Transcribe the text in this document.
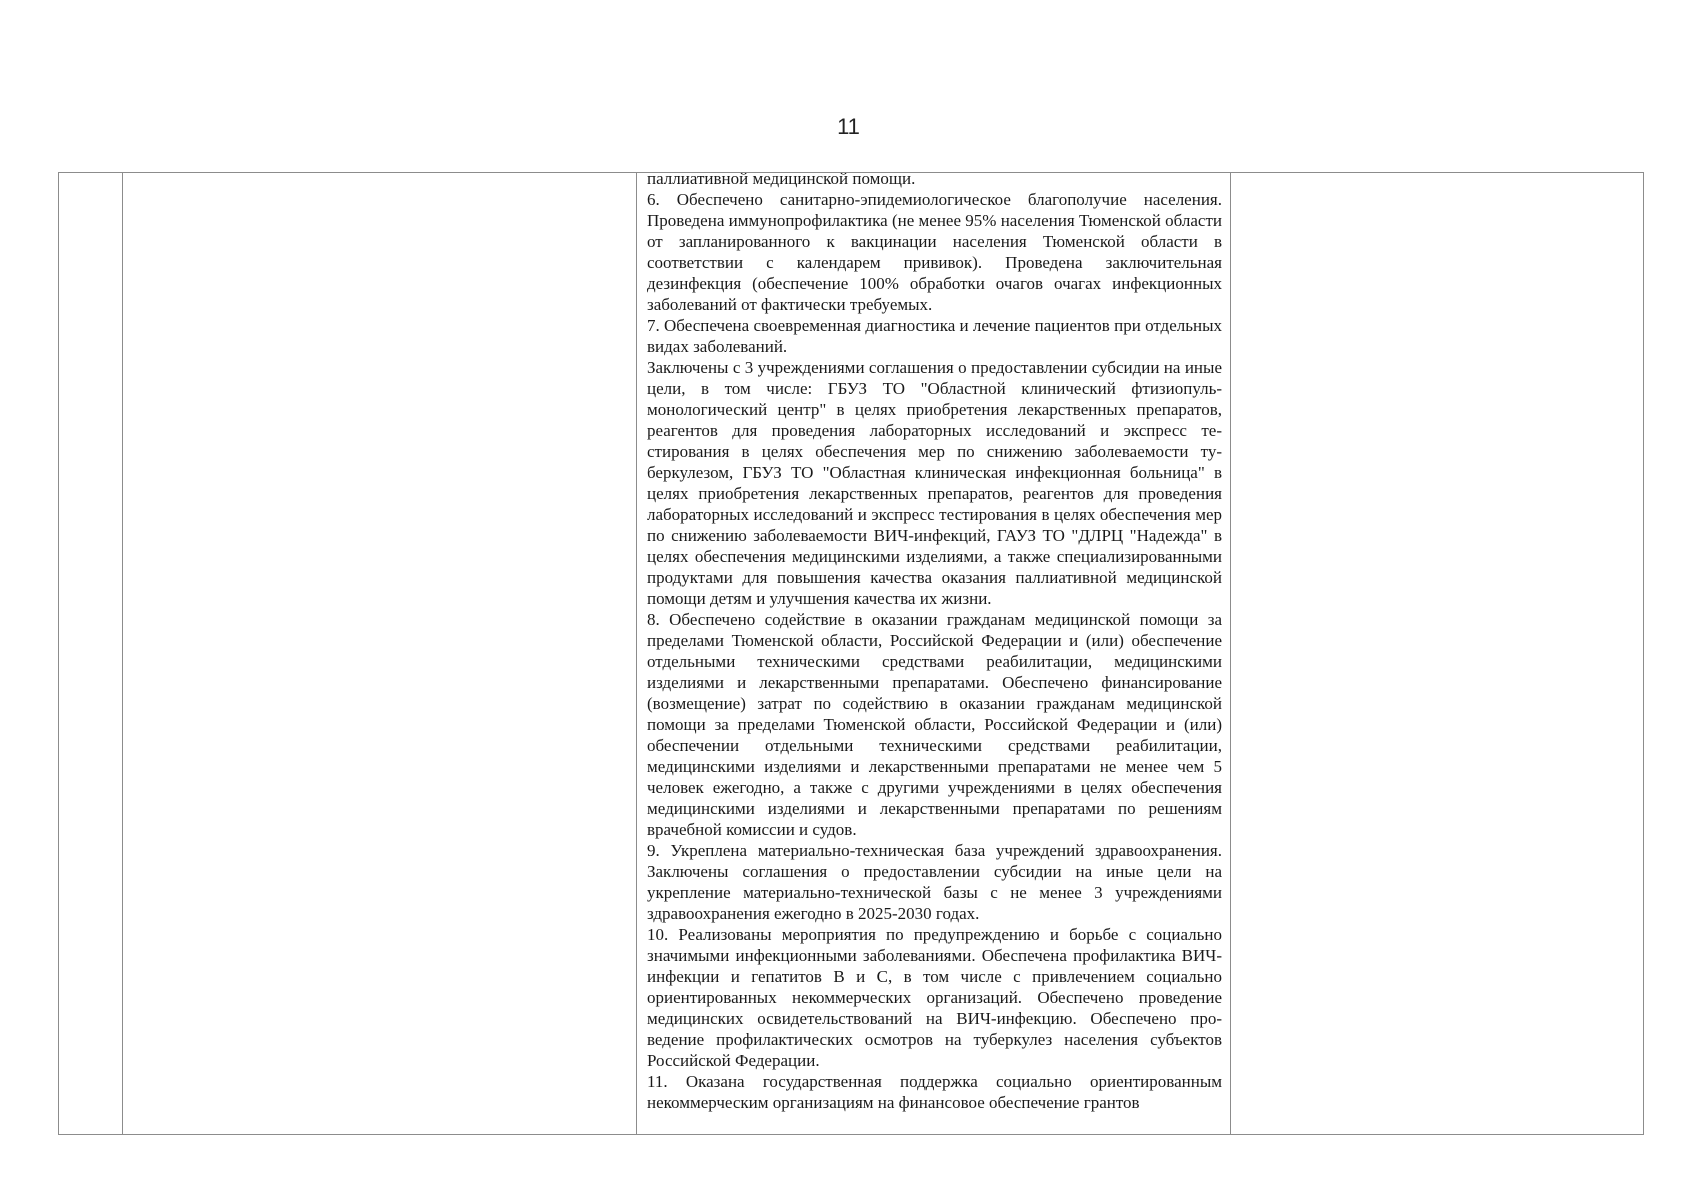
11

паллиативной медицинской помощи.

6. Обеспечено санитарно-эпидемиологическое благополучие населения. Проведена иммунопрофилактика (не менее 95% населения Тюменской области от запланированного к вакцинации населения Тюменской области в соответствии с календарем прививок). Проведена заключительная дезинфекция (обеспечение 100% обработки очагов очагах инфекционных заболеваний от фактически требуемых.

7. Обеспечена своевременная диагностика и лечение пациентов при отдельных видах заболеваний.

Заключены с 3 учреждениями соглашения о предоставлении субсидии на иные цели, в том числе: ГБУЗ ТО "Областной клинический фтизиопульмонологический центр" в целях приобретения лекарственных препаратов, реагентов для проведения лабораторных исследований и экспресс тестирования в целях обеспечения мер по снижению заболеваемости туберкулезом, ГБУЗ ТО "Областная клиническая инфекционная больница" в целях приобретения лекарственных препаратов, реагентов для проведения лабораторных исследований и экспресс тестирования в целях обеспечения мер по снижению заболеваемости ВИЧ-инфекций, ГАУЗ ТО "ДЛРЦ "Надежда" в целях обеспечения медицинскими изделиями, а также специализированными продуктами для повышения качества оказания паллиативной медицинской помощи детям и улучшения качества их жизни.

8. Обеспечено содействие в оказании гражданам медицинской помощи за пределами Тюменской области, Российской Федерации и (или) обеспечение отдельными техническими средствами реабилитации, медицинскими изделиями и лекарственными препаратами. Обеспечено финансирование (возмещение) затрат по содействию в оказании гражданам медицинской помощи за пределами Тюменской области, Российской Федерации и (или) обеспечении отдельными техническими средствами реабилитации, медицинскими изделиями и лекарственными препаратами не менее чем 5 человек ежегодно, а также с другими учреждениями в целях обеспечения медицинскими изделиями и лекарственными препаратами по решениям врачебной комиссии и судов.

9. Укреплена материально-техническая база учреждений здравоохранения. Заключены соглашения о предоставлении субсидии на иные цели на укрепление материально-технической базы с не менее 3 учреждениями здравоохранения ежегодно в 2025-2030 годах.

10. Реализованы мероприятия по предупреждению и борьбе с социально значимыми инфекционными заболеваниями. Обеспечена профилактика ВИЧ-инфекции и гепатитов В и С, в том числе с привлечением социально ориентированных некоммерческих организаций. Обеспечено проведение медицинских освидетельствований на ВИЧ-инфекцию. Обеспечено проведение профилактических осмотров на туберкулез населения субъектов Российской Федерации.

11. Оказана государственная поддержка социально ориентированным некоммерческим организациям на финансовое обеспечение грантов
